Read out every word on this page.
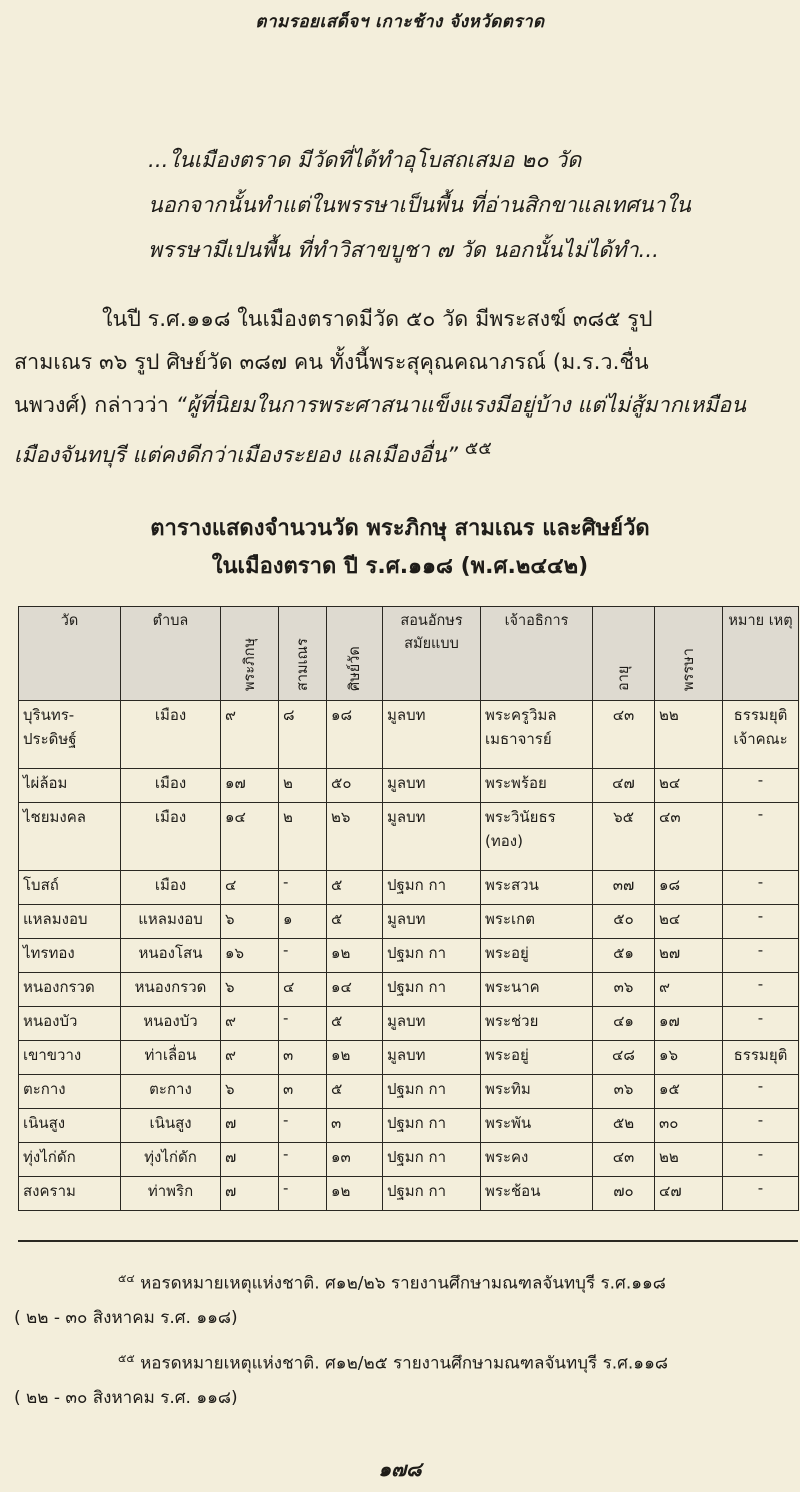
ตามรอยเสด็จฯ เกาะช้าง จังหวัดตราด
...ในเมืองตราด มีวัดที่ได้ทำอุโบสถเสมอ ๒๐ วัด
นอกจากนั้นทำแต่ในพรรษาเป็นพื้น ที่อ่านสิกขาแลเทศนาใน
พรรษามีเปนพื้น ที่ทำวิสาขบูชา ๗ วัด นอกนั้นไม่ได้ทำ...
ในปี ร.ศ.๑๑๘ ในเมืองตราดมีวัด ๕๐ วัด มีพระสงฆ์ ๓๘๕ รูป
สามเณร ๓๖ รูป ศิษย์วัด ๓๘๗ คน ทั้งนี้พระสุคุณคณาภรณ์ (ม.ร.ว.ชื่น
นพวงศ์) กล่าวว่า “ผู้ที่นิยมในการพระศาสนาแข็งแรงมีอยู่บ้าง แต่ไม่สู้มากเหมือน
เมืองจันทบุรี แต่คงดีกว่าเมืองระยอง แลเมืองอื่น” $^{๕๕}$
ตารางแสดงจำนวนวัด พระภิกษุ สามเณร และศิษย์วัด
ในเมืองตราด ปี ร.ศ.๑๑๘ (พ.ศ.๒๔๔๒)
วัด	ตำบล	พระภิกษุ	สามเณร	ศิษย์วัด	สอนอักษร สมัยแบบ	เจ้าอธิการ	อายุ	พรรษา	หมาย เหตุ
บุรินทร-ประดิษฐ์	เมือง	๙	๘	๑๘	มูลบท	พระครูวิมลเมธาจารย์	๔๓	๒๒	ธรรมยุติ เจ้าคณะ
ไผ่ล้อม	เมือง	๑๗	๒	๕๐	มูลบท	พระพร้อย	๔๗	๒๔	-
ไชยมงคล	เมือง	๑๔	๒	๒๖	มูลบท	พระวินัยธร (ทอง)	๖๕	๔๓	-
โบสถ์	เมือง	๔	-	๕	ปฐมก กา	พระสวน	๓๗	๑๘	-
แหลมงอบ	แหลมงอบ	๖	๑	๕	มูลบท	พระเกต	๕๐	๒๔	-
ไทรทอง	หนองโสน	๑๖	-	๑๒	ปฐมก กา	พระอยู่	๕๑	๒๗	-
หนองกรวด	หนองกรวด	๖	๔	๑๔	ปฐมก กา	พระนาค	๓๖	๙	-
หนองบัว	หนองบัว	๙	-	๕	มูลบท	พระช่วย	๔๑	๑๗	-
เขาขวาง	ท่าเลื่อน	๙	๓	๑๒	มูลบท	พระอยู่	๔๘	๑๖	ธรรมยุติ
ตะกาง	ตะกาง	๖	๓	๕	ปฐมก กา	พระทิม	๓๖	๑๕	-
เนินสูง	เนินสูง	๗	-	๓	ปฐมก กา	พระพัน	๕๒	๓๐	-
ทุ่งไก่ดัก	ทุ่งไก่ดัก	๗	-	๑๓	ปฐมก กา	พระคง	๔๓	๒๒	-
สงคราม	ท่าพริก	๗	-	๑๒	ปฐมก กา	พระช้อน	๗๐	๔๗	-
$^{๕๔}$ หอรดหมายเหตุแห่งชาติ. ศ๑๒/๒๖ รายงานศึกษามณฑลจันทบุรี ร.ศ.๑๑๘
( ๒๒ - ๓๐ สิงหาคม ร.ศ. ๑๑๘)
$^{๕๕}$ หอรดหมายเหตุแห่งชาติ. ศ๑๒/๒๕ รายงานศึกษามณฑลจันทบุรี ร.ศ.๑๑๘
( ๒๒ - ๓๐ สิงหาคม ร.ศ. ๑๑๘)
๑๗๘
